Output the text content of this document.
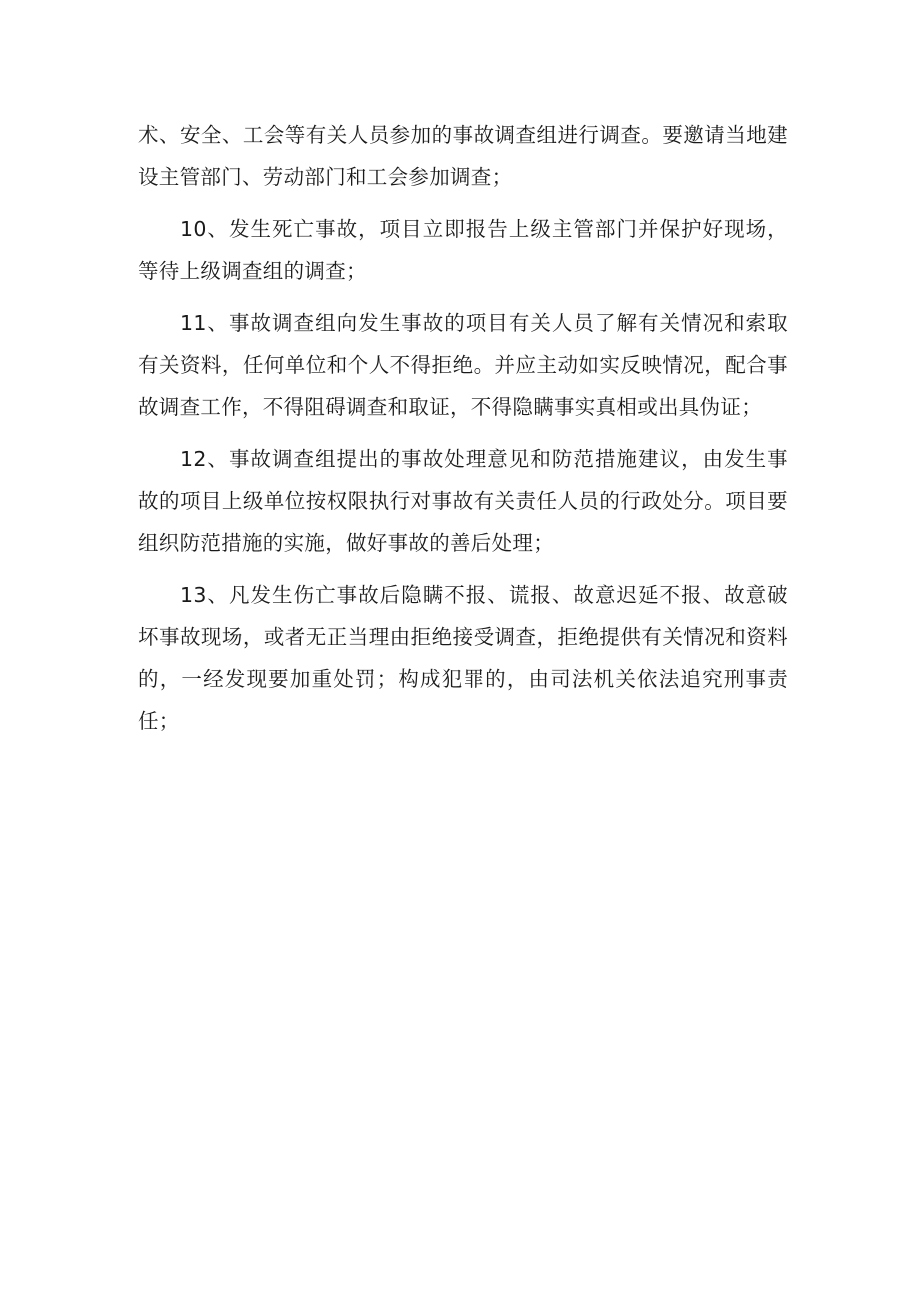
术、安全、工会等有关人员参加的事故调查组进行调查。要邀请当地建设主管部门、劳动部门和工会参加调查；

10、发生死亡事故，项目立即报告上级主管部门并保护好现场，等待上级调查组的调查；

11、事故调查组向发生事故的项目有关人员了解有关情况和索取有关资料，任何单位和个人不得拒绝。并应主动如实反映情况，配合事故调查工作，不得阻碍调查和取证，不得隐瞒事实真相或出具伪证；

12、事故调查组提出的事故处理意见和防范措施建议，由发生事故的项目上级单位按权限执行对事故有关责任人员的行政处分。项目要组织防范措施的实施，做好事故的善后处理；

13、凡发生伤亡事故后隐瞒不报、谎报、故意迟延不报、故意破坏事故现场，或者无正当理由拒绝接受调查，拒绝提供有关情况和资料的，一经发现要加重处罚；构成犯罪的，由司法机关依法追究刑事责任；
